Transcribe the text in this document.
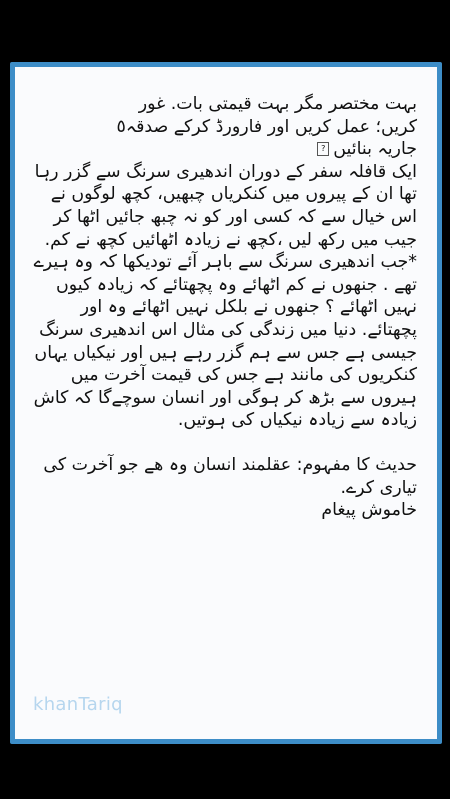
بہت مختصر مگر بہت قیمتی بات. غور

کریں؛ عمل کریں اور فارورڈ کرکے صدقہ٥

جاریہ بنائیں?

ایک قافلہ سفر کے دوران اندھیری سرنگ سے گزر رہا تھا ان کے پیروں میں کنکریاں چبھیں، کچھ لوگوں نے اس خیال سے کہ کسی اور کو نہ چبھ جائیں اٹھا کر جیب میں رکھ لیں ،کچھ نے زیادہ اٹھائیں کچھ نے کم.

*جب اندھیری سرنگ سے باہر آئے تودیکھا کہ وہ ہیرے تھے . جنھوں نے کم اٹھائے وہ پچھتائے کہ زیادہ کیوں نہیں اٹھائے ؟ جنھوں نے بلکل نہیں اٹھائے وہ اور پچھتائے. دنیا میں زندگی کی مثال اس اندھیری سرنگ جیسی ہے جس سے ہم گزر رہے ہیں اور نیکیاں یہاں کنکریوں کی مانند ہے جس کی قیمت آخرت میں ہیروں سے بڑھ کر ہوگی اور انسان سوچےگا کہ کاش زیادہ سے زیادہ نیکیاں کی ہوتیں.

حدیث کا مفہوم: عقلمند انسان وہ ھے جو آخرت کی تیاری کرے.

خاموش پیغام

khanTariq
